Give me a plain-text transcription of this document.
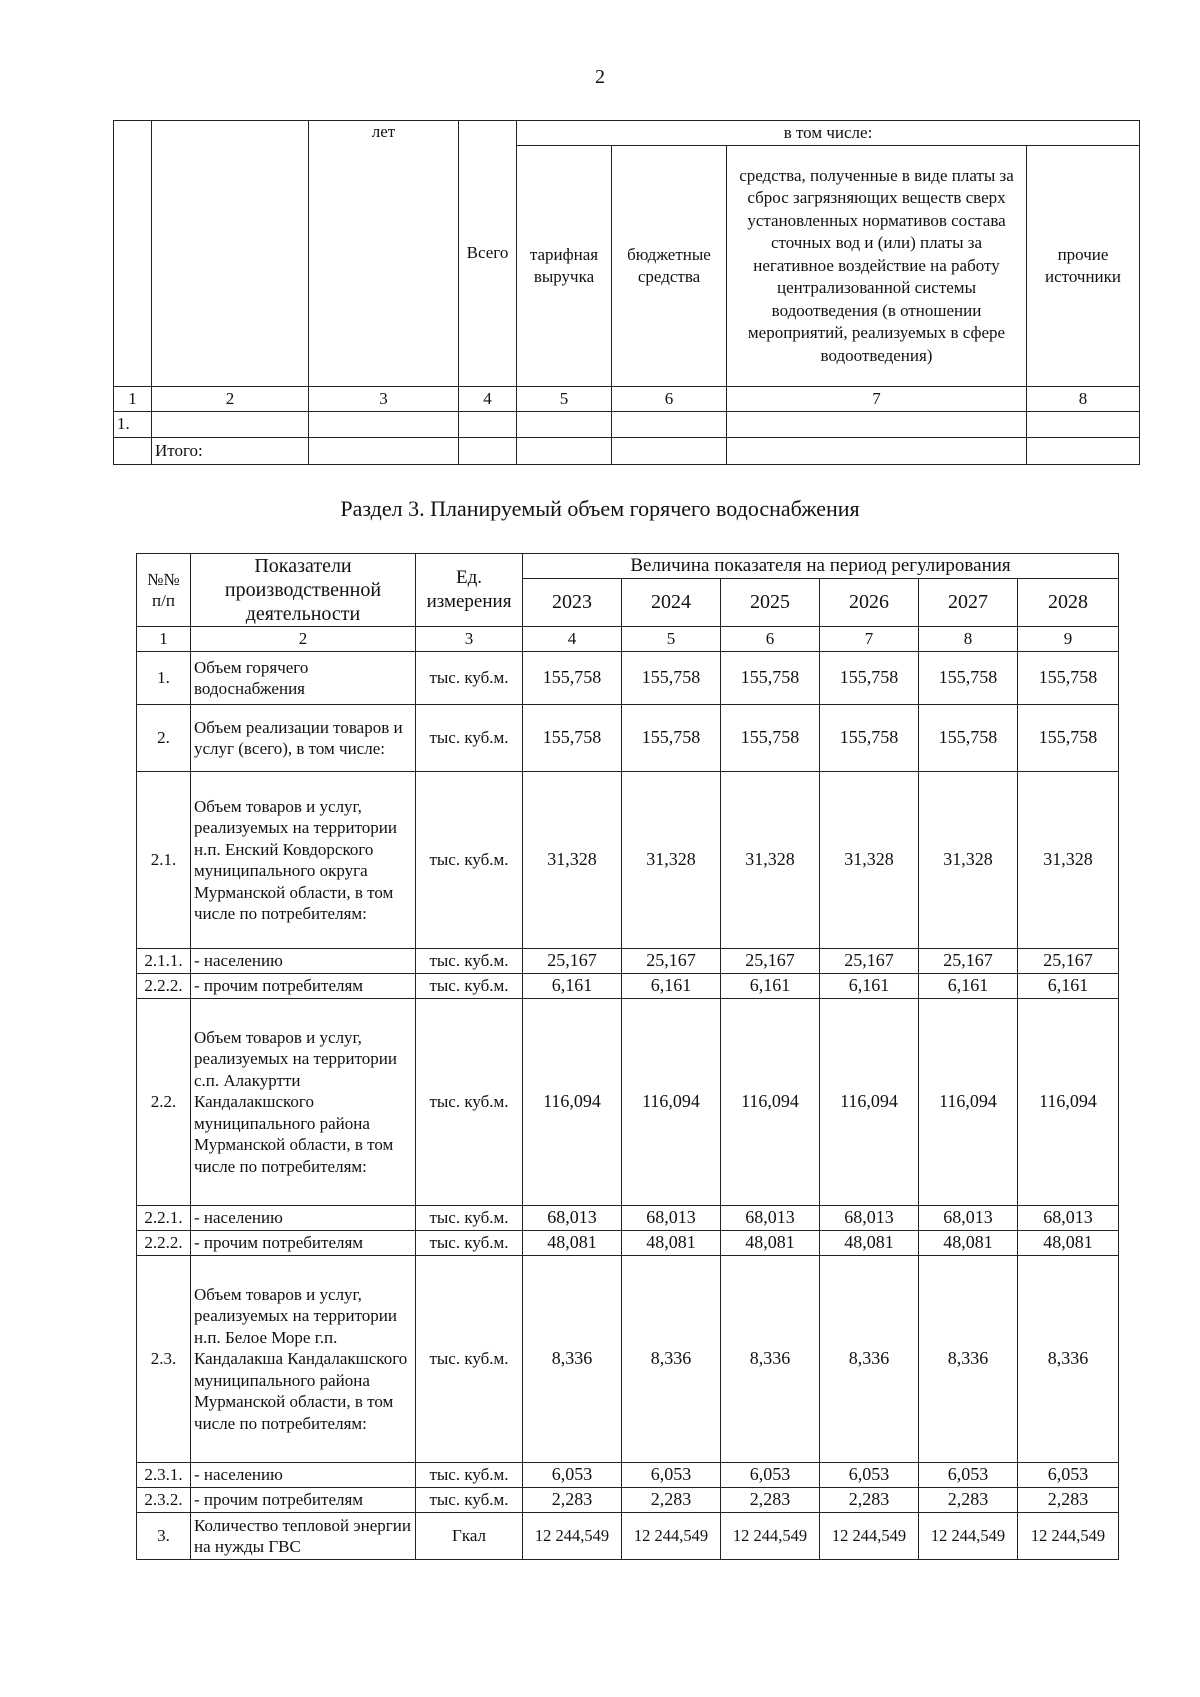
2
		лет	Всего	в том числе:			
				тарифная выручка	бюджетные средства	средства, полученные в виде платы за сброс загрязняющих веществ сверх установленных нормативов состава сточных вод и (или) платы за негативное воздействие на работу централизованной системы водоотведения (в отношении мероприятий, реализуемых в сфере водоотведения)	прочие источники
1	2	3	4	5	6	7	8
1.							
	Итого:						
Раздел 3. Планируемый объем горячего водоснабжения
№№ п/п	Показатели производственной деятельности	Ед. измерения	Величина показателя на период регулирования					
			2023	2024	2025	2026	2027	2028
1	2	3	4	5	6	7	8	9
1.	Объем горячего водоснабжения	тыс. куб.м.	155,758	155,758	155,758	155,758	155,758	155,758
2.	Объем реализации товаров и услуг (всего), в том числе:	тыс. куб.м.	155,758	155,758	155,758	155,758	155,758	155,758
2.1.	Объем товаров и услуг, реализуемых на территории н.п. Енский Ковдорского муниципального округа Мурманской области, в том числе по потребителям:	тыс. куб.м.	31,328	31,328	31,328	31,328	31,328	31,328
2.1.1.	- населению	тыс. куб.м.	25,167	25,167	25,167	25,167	25,167	25,167
2.2.2.	- прочим потребителям	тыс. куб.м.	6,161	6,161	6,161	6,161	6,161	6,161
2.2.	Объем товаров и услуг, реализуемых на территории с.п. Алакуртти Кандалакшского муниципального района Мурманской области, в том числе по потребителям:	тыс. куб.м.	116,094	116,094	116,094	116,094	116,094	116,094
2.2.1.	- населению	тыс. куб.м.	68,013	68,013	68,013	68,013	68,013	68,013
2.2.2.	- прочим потребителям	тыс. куб.м.	48,081	48,081	48,081	48,081	48,081	48,081
2.3.	Объем товаров и услуг, реализуемых на территории н.п. Белое Море г.п. Кандалакша Кандалакшского муниципального района Мурманской области, в том числе по потребителям:	тыс. куб.м.	8,336	8,336	8,336	8,336	8,336	8,336
2.3.1.	- населению	тыс. куб.м.	6,053	6,053	6,053	6,053	6,053	6,053
2.3.2.	- прочим потребителям	тыс. куб.м.	2,283	2,283	2,283	2,283	2,283	2,283
3.	Количество тепловой энергии на нужды ГВС	Гкал	12 244,549	12 244,549	12 244,549	12 244,549	12 244,549	12 244,549
